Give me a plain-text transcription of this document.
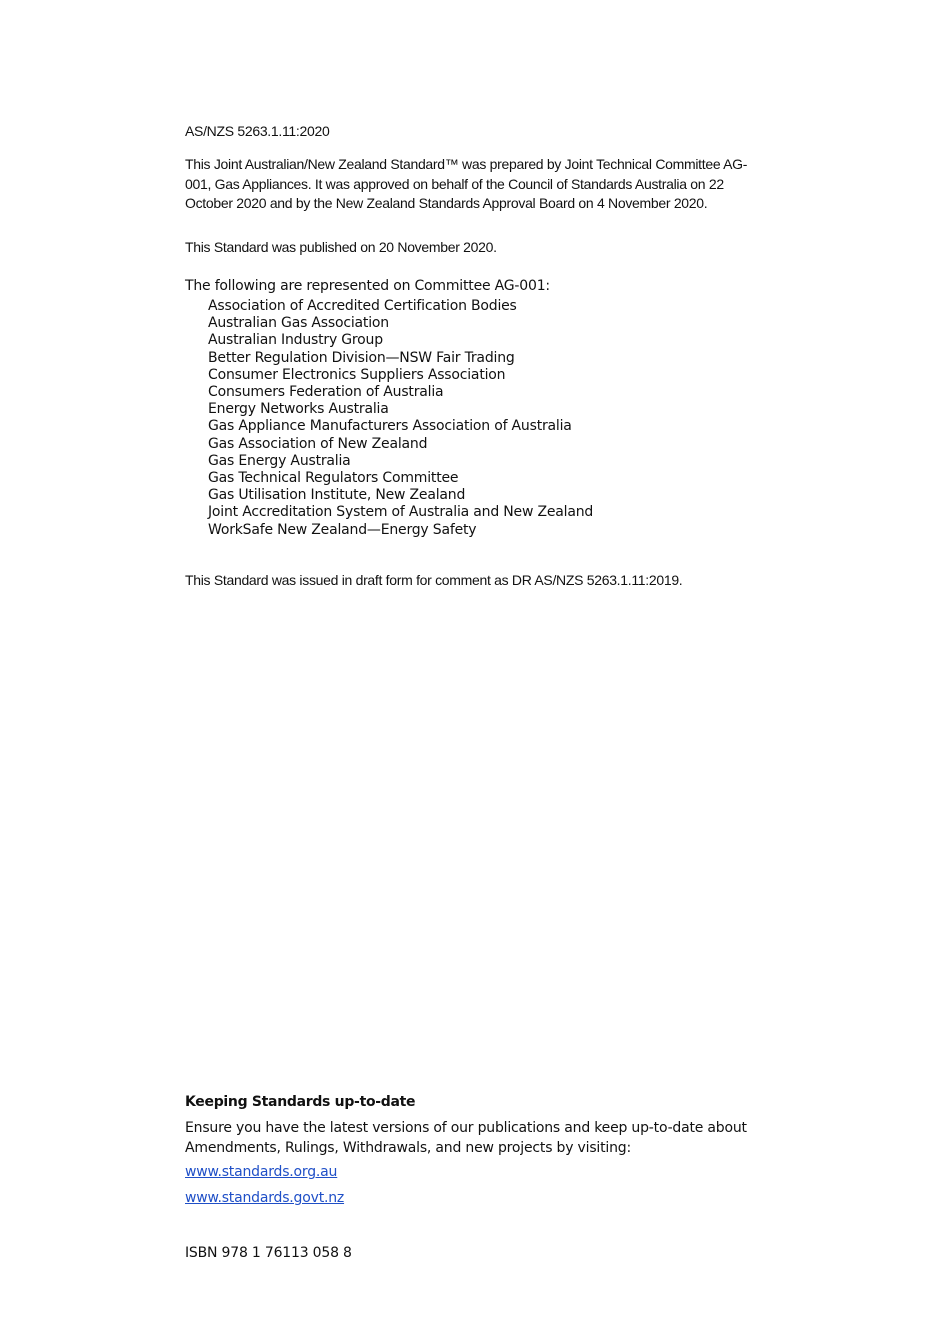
AS/NZS 5263.1.11:2020

This Joint Australian/New Zealand Standard™ was prepared by Joint Technical Committee AG-001, Gas Appliances. It was approved on behalf of the Council of Standards Australia on 22 October 2020 and by the New Zealand Standards Approval Board on 4 November 2020.

This Standard was published on 20 November 2020.

The following are represented on Committee AG-001:

Association of Accredited Certification Bodies
Australian Gas Association
Australian Industry Group
Better Regulation Division—NSW Fair Trading
Consumer Electronics Suppliers Association
Consumers Federation of Australia
Energy Networks Australia
Gas Appliance Manufacturers Association of Australia
Gas Association of New Zealand
Gas Energy Australia
Gas Technical Regulators Committee
Gas Utilisation Institute, New Zealand
Joint Accreditation System of Australia and New Zealand
WorkSafe New Zealand—Energy Safety

This Standard was issued in draft form for comment as DR AS/NZS 5263.1.11:2019.

Keeping Standards up-to-date

Ensure you have the latest versions of our publications and keep up-to-date about Amendments, Rulings, Withdrawals, and new projects by visiting:

www.standards.org.au
www.standards.govt.nz

ISBN 978 1 76113 058 8
